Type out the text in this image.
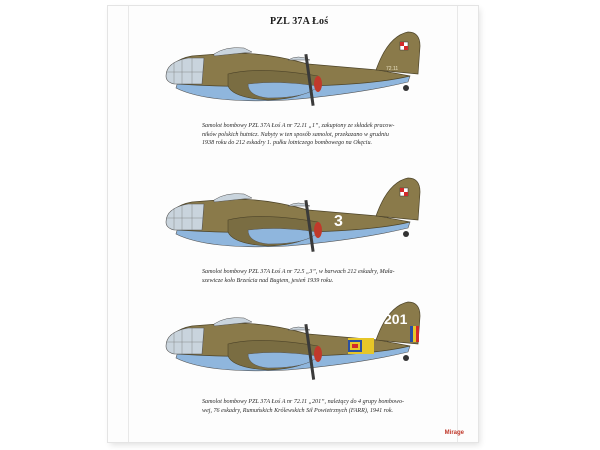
PZL 37A Łoś
72.11
Samolot bombowy PZL 37A Łoś A nr 72.11 „1”, zakupiony ze składek pracow-
ników polskich hutnicz. Nabyty w ten sposób samolot, przekazano w grudniu
1938 roku do 212 eskadry 1. pułku lotniczego bombowego na Okęciu.
3
Samolot bombowy PZL 37A Łoś A nr 72.5 „3”, w barwach 212 eskadry, Mała-
szewicze koło Brześcia nad Bugiem, jesień 1939 roku.
201
Samolot bombowy PZL 37A Łoś A nr 72.11 „201”, należący do 4 grupy bombowo-
wej, 76 eskadry, Rumuńskich Królewskich Sił Powietrznych (FARR), 1941 rok.
Mirage
